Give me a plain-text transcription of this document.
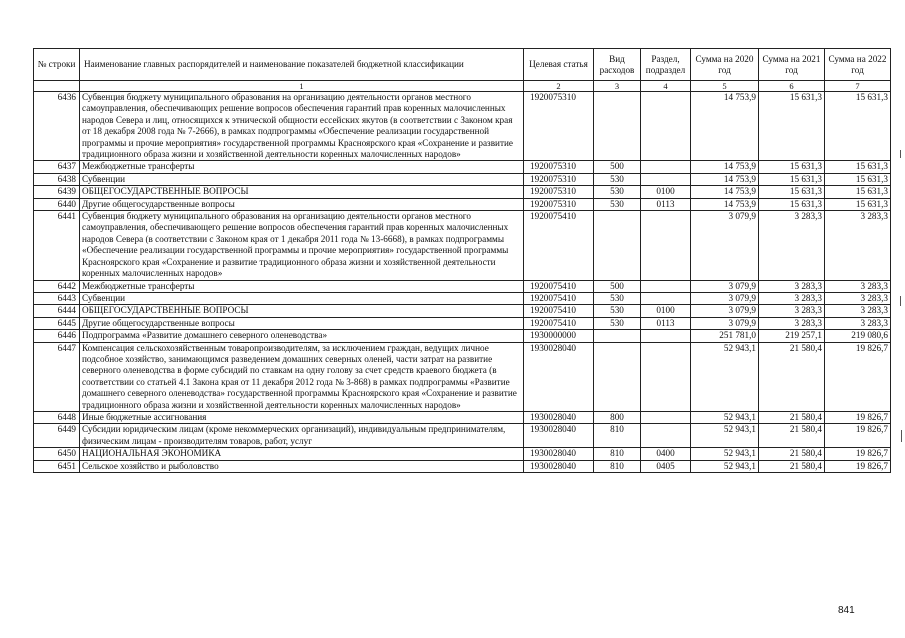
№ строки	Наименование главных распорядителей и наименование показателей бюджетной классификации	Целевая статья	Вид расходов	Раздел, подраздел	Сумма на 2020 год	Сумма на 2021 год	Сумма на 2022 год
	1	2	3	4	5	6	7
6436	Субвенция бюджету муниципального образования на организацию деятельности органов местного самоуправления, обеспечивающих решение вопросов обеспечения гарантий прав коренных малочисленных народов Севера и лиц, относящихся к этнической общности ессейских якутов (в соответствии с Законом края от 18 декабря 2008 года № 7-2666), в рамках подпрограммы «Обеспечение реализации государственной программы и прочие мероприятия» государственной программы Красноярского края «Сохранение и развитие традиционного образа жизни и хозяйственной деятельности коренных малочисленных народов»	1920075310			14 753,9	15 631,3	15 631,3
6437	Межбюджетные трансферты	1920075310	500		14 753,9	15 631,3	15 631,3
6438	Субвенции	1920075310	530		14 753,9	15 631,3	15 631,3
6439	ОБЩЕГОСУДАРСТВЕННЫЕ ВОПРОСЫ	1920075310	530	0100	14 753,9	15 631,3	15 631,3
6440	Другие общегосударственные вопросы	1920075310	530	0113	14 753,9	15 631,3	15 631,3
6441	Субвенция бюджету муниципального образования на организацию деятельности органов местного самоуправления, обеспечивающего решение вопросов обеспечения гарантий прав коренных малочисленных народов Севера (в соответствии с Законом края от 1 декабря 2011 года № 13-6668), в рамках подпрограммы «Обеспечение реализации государственной программы и прочие мероприятия» государственной программы Красноярского края «Сохранение и развитие традиционного образа жизни и хозяйственной деятельности коренных малочисленных народов»	1920075410			3 079,9	3 283,3	3 283,3
6442	Межбюджетные трансферты	1920075410	500		3 079,9	3 283,3	3 283,3
6443	Субвенции	1920075410	530		3 079,9	3 283,3	3 283,3
6444	ОБЩЕГОСУДАРСТВЕННЫЕ ВОПРОСЫ	1920075410	530	0100	3 079,9	3 283,3	3 283,3
6445	Другие общегосударственные вопросы	1920075410	530	0113	3 079,9	3 283,3	3 283,3
6446	Подпрограмма «Развитие домашнего северного оленеводства»	1930000000			251 781,0	219 257,1	219 080,6
6447	Компенсация сельскохозяйственным товаропроизводителям, за исключением граждан, ведущих личное подсобное хозяйство, занимающимся разведением домашних северных оленей, части затрат на развитие северного оленеводства в форме субсидий по ставкам на одну голову за счет средств краевого бюджета (в соответствии со статьей 4.1 Закона края от 11 декабря 2012 года № 3-868) в рамках подпрограммы «Развитие домашнего северного оленеводства» государственной программы Красноярского края «Сохранение и развитие традиционного образа жизни и хозяйственной деятельности коренных малочисленных народов»	1930028040			52 943,1	21 580,4	19 826,7
6448	Иные бюджетные ассигнования	1930028040	800		52 943,1	21 580,4	19 826,7
6449	Субсидии юридическим лицам (кроме некоммерческих организаций), индивидуальным предпринимателям, физическим лицам - производителям товаров, работ, услуг	1930028040	810		52 943,1	21 580,4	19 826,7
6450	НАЦИОНАЛЬНАЯ ЭКОНОМИКА	1930028040	810	0400	52 943,1	21 580,4	19 826,7
6451	Сельское хозяйство и рыболовство	1930028040	810	0405	52 943,1	21 580,4	19 826,7
841
